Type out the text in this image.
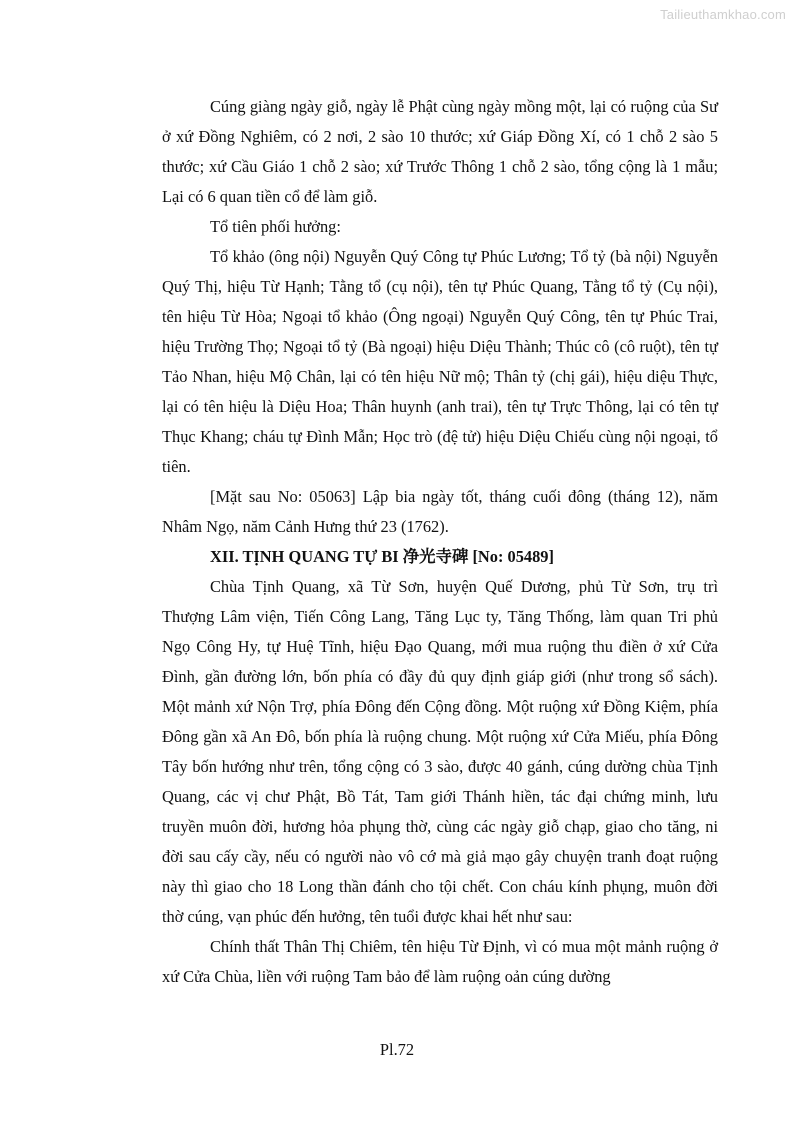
Tailieuthamkhao.com

Cúng giàng ngày giỗ, ngày lễ Phật cùng ngày mồng một, lại có ruộng của Sư ở xứ Đồng Nghiêm, có 2 nơi, 2 sào 10 thước; xứ Giáp Đồng Xí, có 1 chỗ 2 sào 5 thước; xứ Cầu Giáo 1 chỗ 2 sào; xứ Trước Thông 1 chỗ 2 sào, tổng cộng là 1 mẫu; Lại có 6 quan tiền cổ để làm giỗ.

Tổ tiên phối hưởng:

Tổ khảo (ông nội) Nguyễn Quý Công tự Phúc Lương; Tổ tỷ (bà nội) Nguyễn Quý Thị, hiệu Từ Hạnh; Tằng tổ (cụ nội), tên tự Phúc Quang, Tằng tổ tỷ (Cụ nội), tên hiệu Từ Hòa; Ngoại tổ khảo (Ông ngoại) Nguyễn Quý Công, tên tự Phúc Trai, hiệu Trường Thọ; Ngoại tổ tỷ (Bà ngoại) hiệu Diệu Thành; Thúc cô (cô ruột), tên tự Tảo Nhan, hiệu Mộ Chân, lại có tên hiệu Nữ mộ; Thân tỷ (chị gái), hiệu diệu Thực, lại có tên hiệu là Diệu Hoa; Thân huynh (anh trai), tên tự Trực Thông, lại có tên tự Thục Khang; cháu tự Đình Mẫn; Học trò (đệ tử) hiệu Diệu Chiếu cùng nội ngoại, tổ tiên.

[Mặt sau No: 05063] Lập bia ngày tốt, tháng cuối đông (tháng 12), năm Nhâm Ngọ, năm Cảnh Hưng thứ 23 (1762).

XII. TỊNH QUANG TỰ BI 净光寺碑 [No: 05489]

Chùa Tịnh Quang, xã Từ Sơn, huyện Quế Dương, phủ Từ Sơn, trụ trì Thượng Lâm viện, Tiến Công Lang, Tăng Lục ty, Tăng Thống, làm quan Tri phủ Ngọ Công Hy, tự Huệ Tĩnh, hiệu Đạo Quang, mới mua ruộng thu điền ở xứ Cửa Đình, gần đường lớn, bốn phía có đầy đủ quy định giáp giới (như trong sổ sách). Một mảnh xứ Nộn Trợ, phía Đông đến Cộng đồng. Một ruộng xứ Đồng Kiệm, phía Đông gần xã An Đô, bốn phía là ruộng chung. Một ruộng xứ Cửa Miếu, phía Đông Tây bốn hướng như trên, tổng cộng có 3 sào, được 40 gánh, cúng dường chùa Tịnh Quang, các vị chư Phật, Bồ Tát, Tam giới Thánh hiền, tác đại chứng minh, lưu truyền muôn đời, hương hỏa phụng thờ, cùng các ngày giỗ chạp, giao cho tăng, ni đời sau cấy cầy, nếu có người nào vô cớ mà giả mạo gây chuyện tranh đoạt ruộng này thì giao cho 18 Long thần đánh cho tội chết. Con cháu kính phụng, muôn đời thờ cúng, vạn phúc đến hưởng, tên tuổi được khai hết như sau:

Chính thất Thân Thị Chiêm, tên hiệu Từ Định, vì có mua một mảnh ruộng ở xứ Cửa Chùa, liền với ruộng Tam bảo để làm ruộng oản cúng dường

Pl.72
